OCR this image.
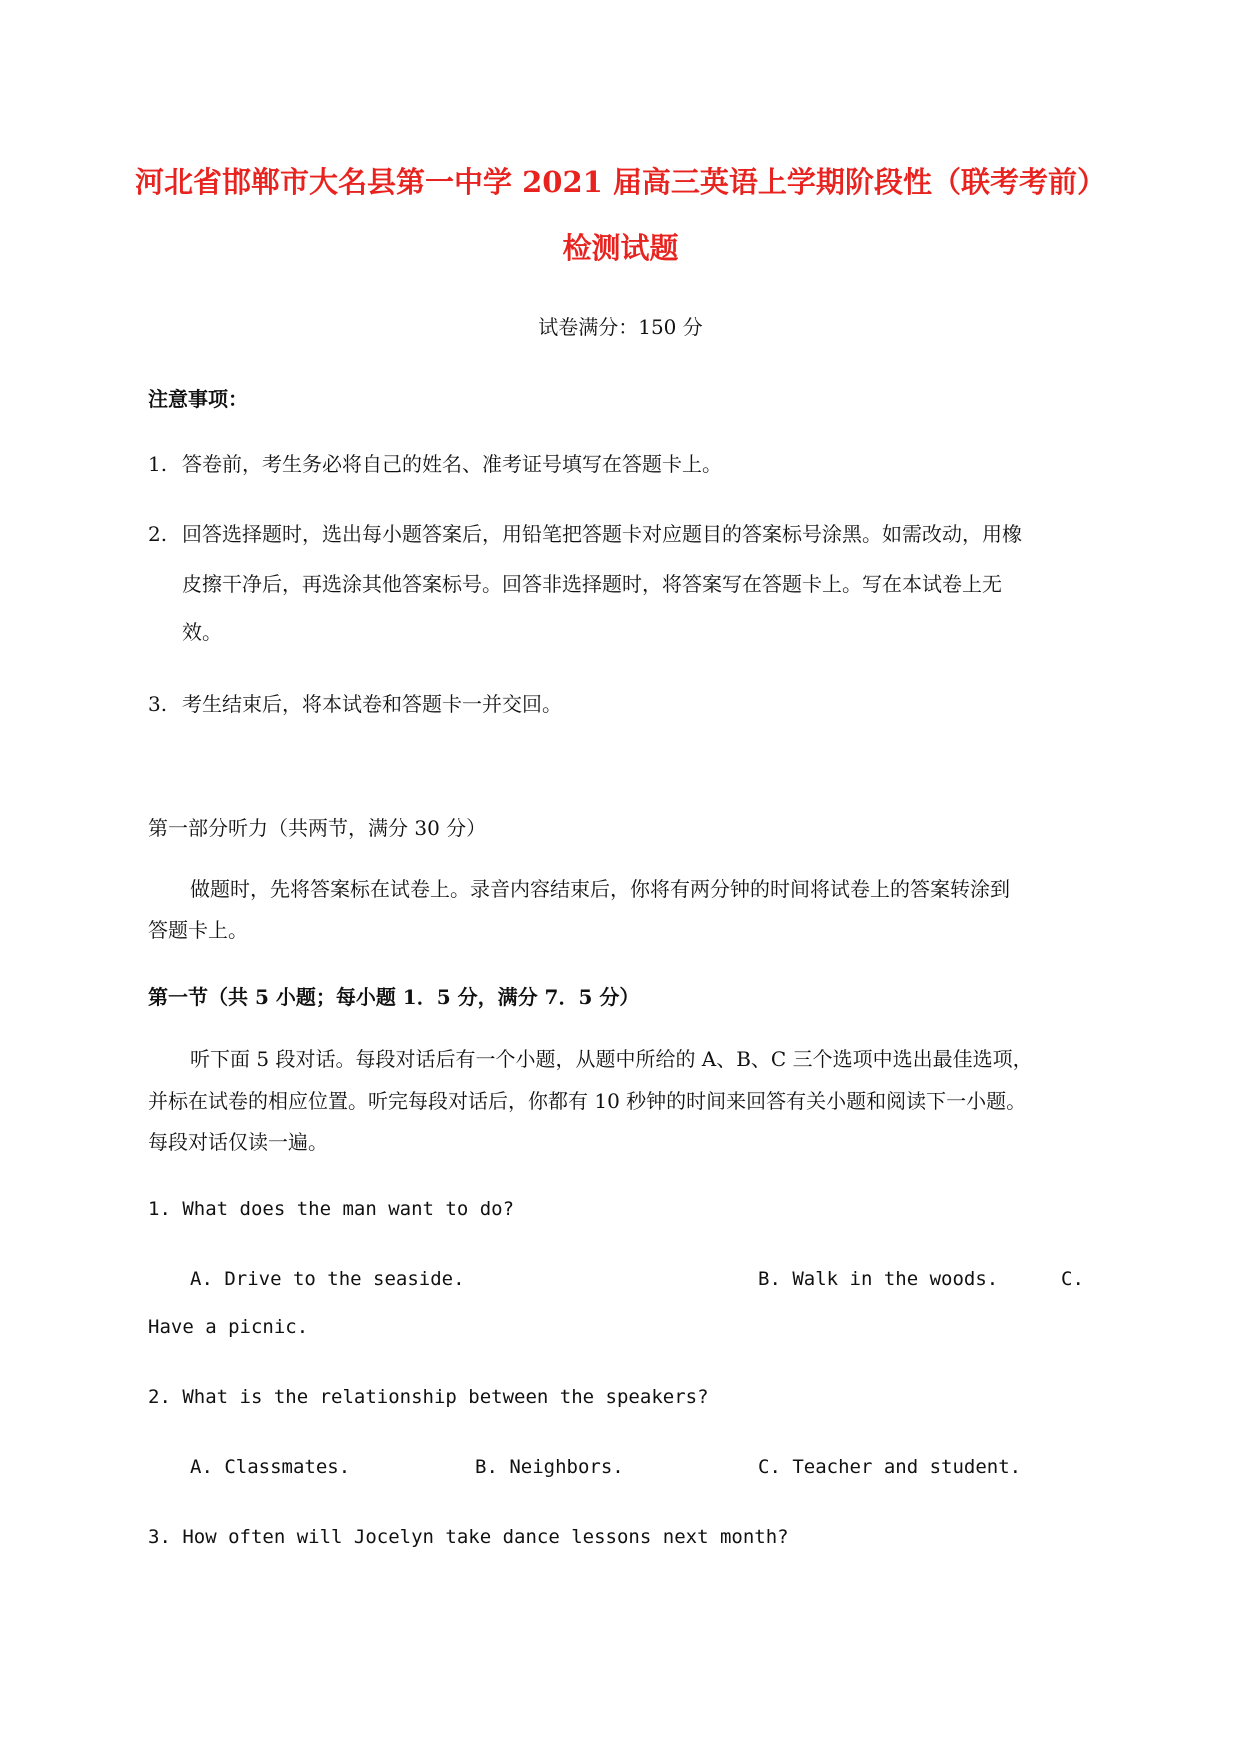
河北省邯郸市大名县第一中学 2021 届高三英语上学期阶段性（联考考前）
检测试题
试卷满分：150 分
注意事项：
1. 答卷前，考生务必将自己的姓名、准考证号填写在答题卡上。
2. 回答选择题时，选出每小题答案后，用铅笔把答题卡对应题目的答案标号涂黑。如需改动，用橡
皮擦干净后，再选涂其他答案标号。回答非选择题时，将答案写在答题卡上。写在本试卷上无
效。
3. 考生结束后，将本试卷和答题卡一并交回。
第一部分听力（共两节，满分 30 分）
做题时，先将答案标在试卷上。录音内容结束后，你将有两分钟的时间将试卷上的答案转涂到
答题卡上。
第一节（共 5 小题；每小题 1．5 分，满分 7．5 分）
听下面 5 段对话。每段对话后有一个小题，从题中所给的 A、B、C 三个选项中选出最佳选项，
并标在试卷的相应位置。听完每段对话后，你都有 10 秒钟的时间来回答有关小题和阅读下一小题。
每段对话仅读一遍。
1. What does the man want to do?
A. Drive to the seaside.	B. Walk in the woods.	C.
Have a picnic.
2. What is the relationship between the speakers?
A. Classmates.	B. Neighbors.	C. Teacher and student.
3. How often will Jocelyn take dance lessons next month?
